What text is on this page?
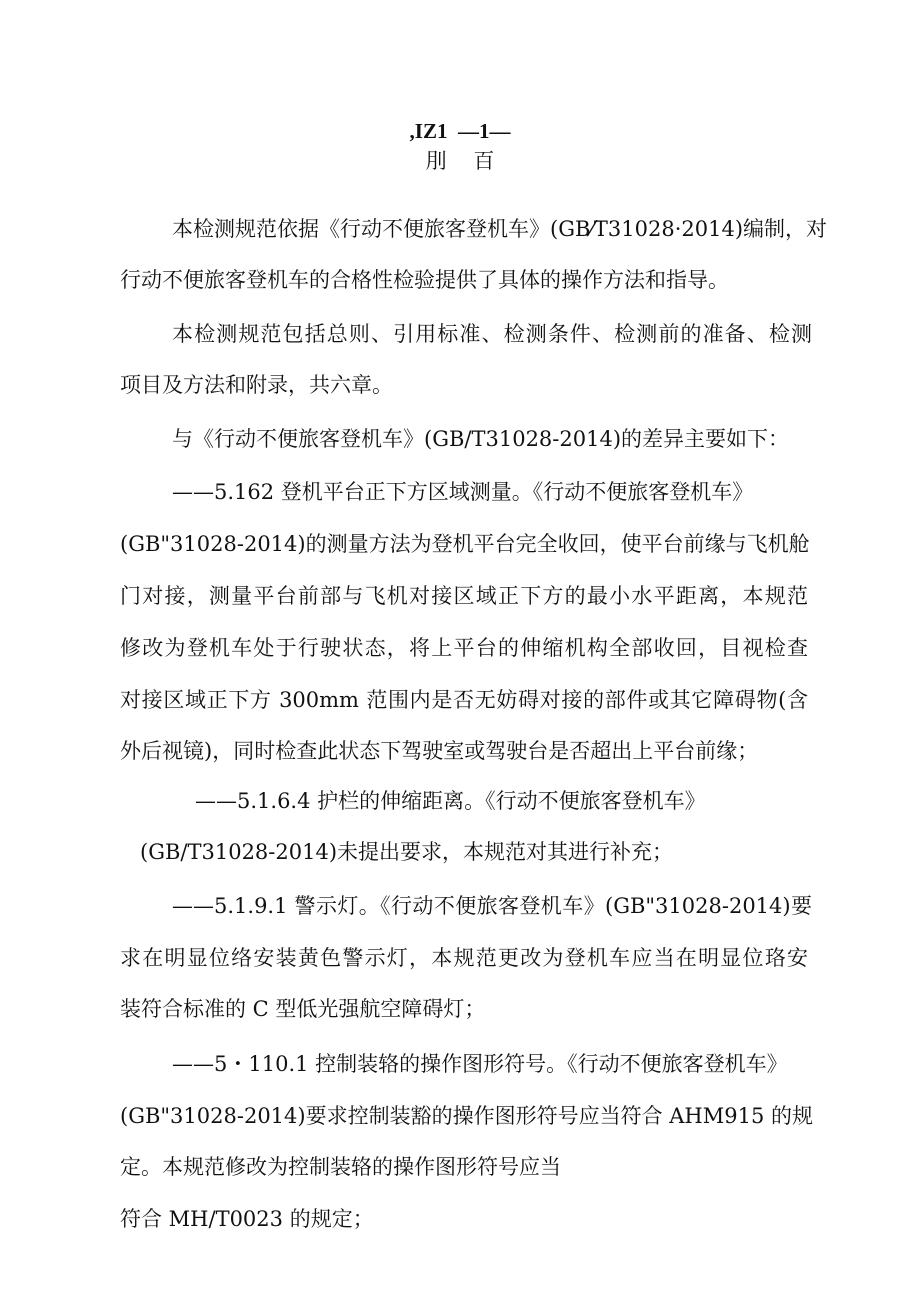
,IZ1  —1—
刖    百
本检测规范依据《行动不便旅客登机车》(GB⁄T31028·2014)编制，对
行动不便旅客登机车的合格性检验提供了具体的操作方法和指导。
本检测规范包括总则、引用标准、检测条件、检测前的准备、检测
项目及方法和附录，共六章。
与《行动不便旅客登机车》(GB/T31028-2014)的差异主要如下：
——5.162 登机平台正下方区域测量。《行动不便旅客登机车》
(GB"31028-2014)的测量方法为登机平台完全收回，使平台前缘与飞机舱
门对接，测量平台前部与飞机对接区域正下方的最小水平距离，本规范
修改为登机车处于行驶状态，将上平台的伸缩机构全部收回，目视检查
对接区域正下方 300mm 范围内是否无妨碍对接的部件或其它障碍物(含
外后视镜)，同时检查此状态下驾驶室或驾驶台是否超出上平台前缘；
——5.1.6.4 护栏的伸缩距离。《行动不便旅客登机车》
(GB/T31028-2014)未提出要求，本规范对其进行补充；
——5.1.9.1 警示灯。《行动不便旅客登机车》(GB"31028-2014)要
求在明显位络安装黄色警示灯，本规范更改为登机车应当在明显位珞安
装符合标准的 C 型低光强航空障碍灯；
——5・110.1 控制装辂的操作图形符号。《行动不便旅客登机车》
(GB"31028-2014)要求控制装豁的操作图形符号应当符合 AHM915 的规
定。本规范修改为控制装辂的操作图形符号应当
符合 MH/T0023 的规定；
